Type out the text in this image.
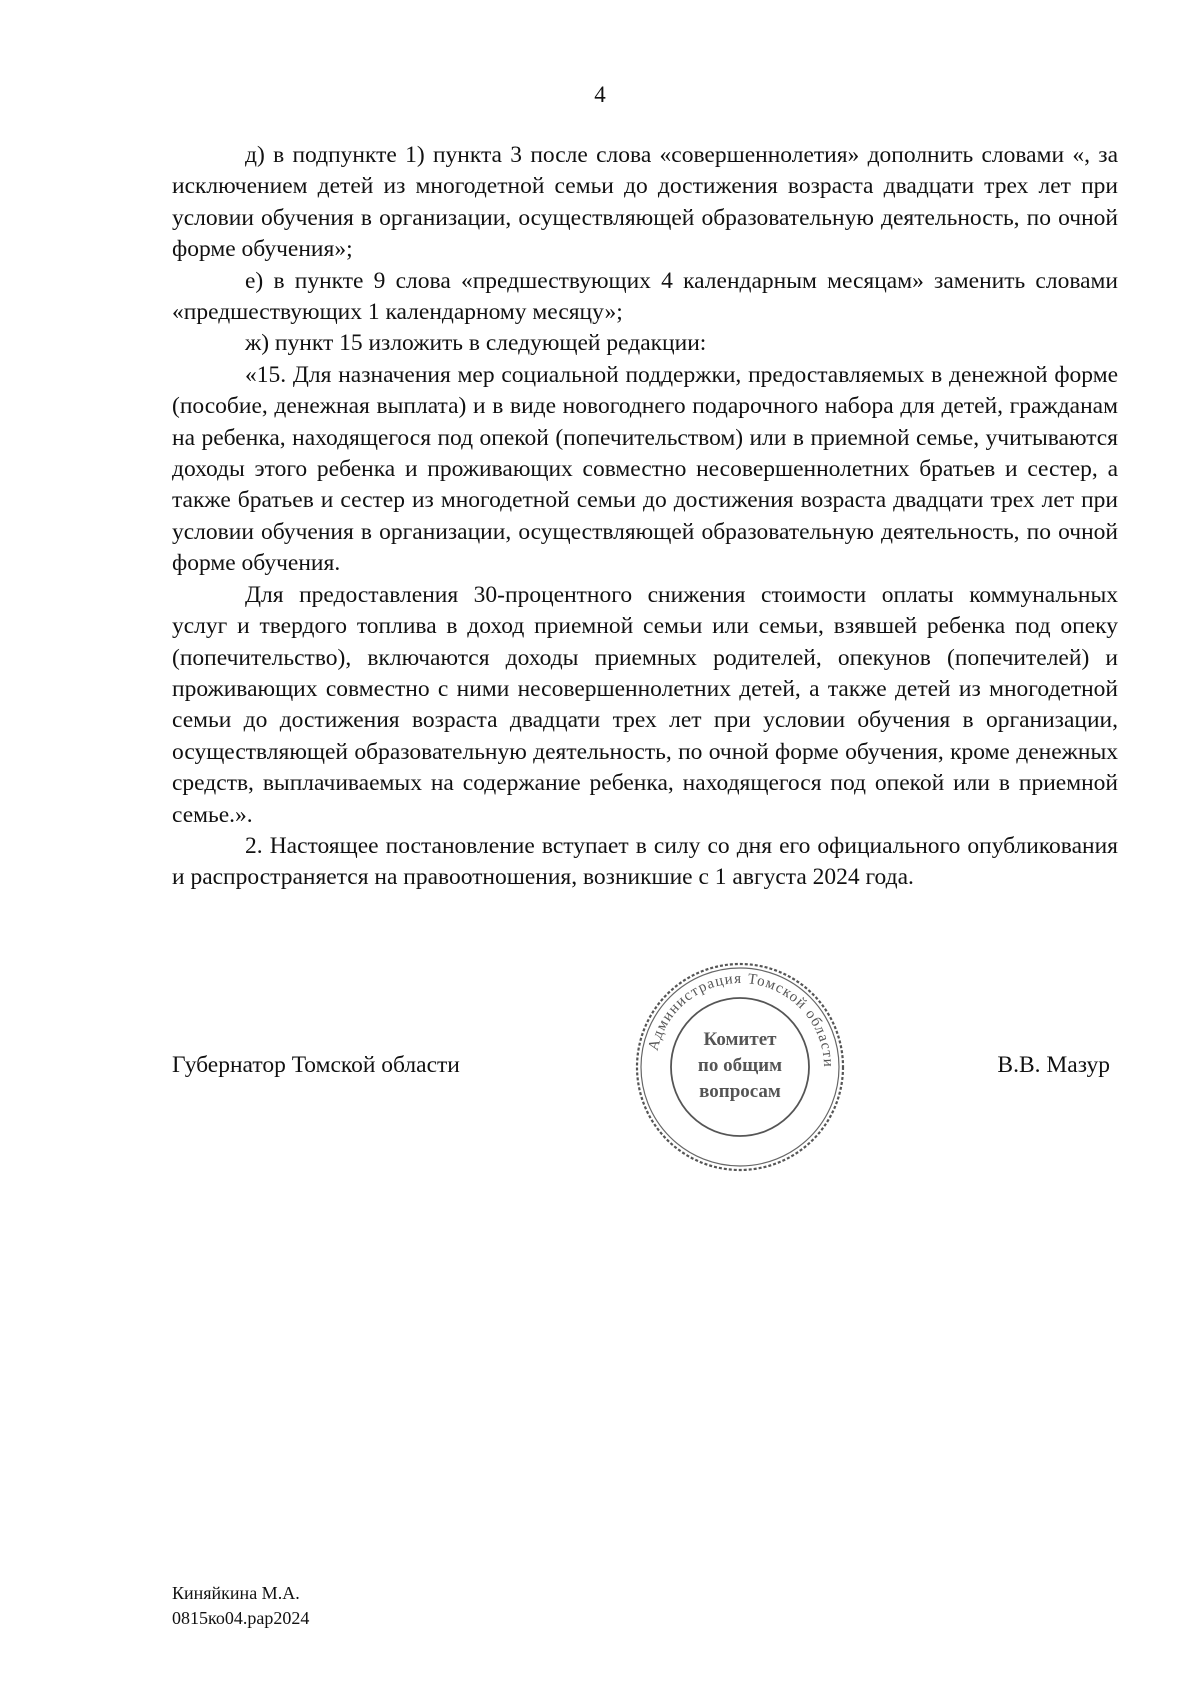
4

д) в подпункте 1) пункта 3 после слова «совершеннолетия» дополнить словами «, за исключением детей из многодетной семьи до достижения возраста двадцати трех лет при условии обучения в организации, осуществляющей образовательную деятельность, по очной форме обучения»;

е) в пункте 9 слова «предшествующих 4 календарным месяцам» заменить словами «предшествующих 1 календарному месяцу»;

ж) пункт 15 изложить в следующей редакции:

«15. Для назначения мер социальной поддержки, предоставляемых в денежной форме (пособие, денежная выплата) и в виде новогоднего подарочного набора для детей, гражданам на ребенка, находящегося под опекой (попечительством) или в приемной семье, учитываются доходы этого ребенка и проживающих совместно несовершеннолетних братьев и сестер, а также братьев и сестер из многодетной семьи до достижения возраста двадцати трех лет при условии обучения в организации, осуществляющей образовательную деятельность, по очной форме обучения.

Для предоставления 30-процентного снижения стоимости оплаты коммунальных услуг и твердого топлива в доход приемной семьи или семьи, взявшей ребенка под опеку (попечительство), включаются доходы приемных родителей, опекунов (попечителей) и проживающих совместно с ними несовершеннолетних детей, а также детей из многодетной семьи до достижения возраста двадцати трех лет при условии обучения в организации, осуществляющей образовательную деятельность, по очной форме обучения, кроме денежных средств, выплачиваемых на содержание ребенка, находящегося под опекой или в приемной семье.».

2. Настоящее постановление вступает в силу со дня его официального опубликования и распространяется на правоотношения, возникшие с 1 августа 2024 года.

Губернатор Томской области	В.В. Мазур
Администрация Томской области
Комитет
по общим
вопросам
Киняйкина М.А.
0815ко04.рар2024
